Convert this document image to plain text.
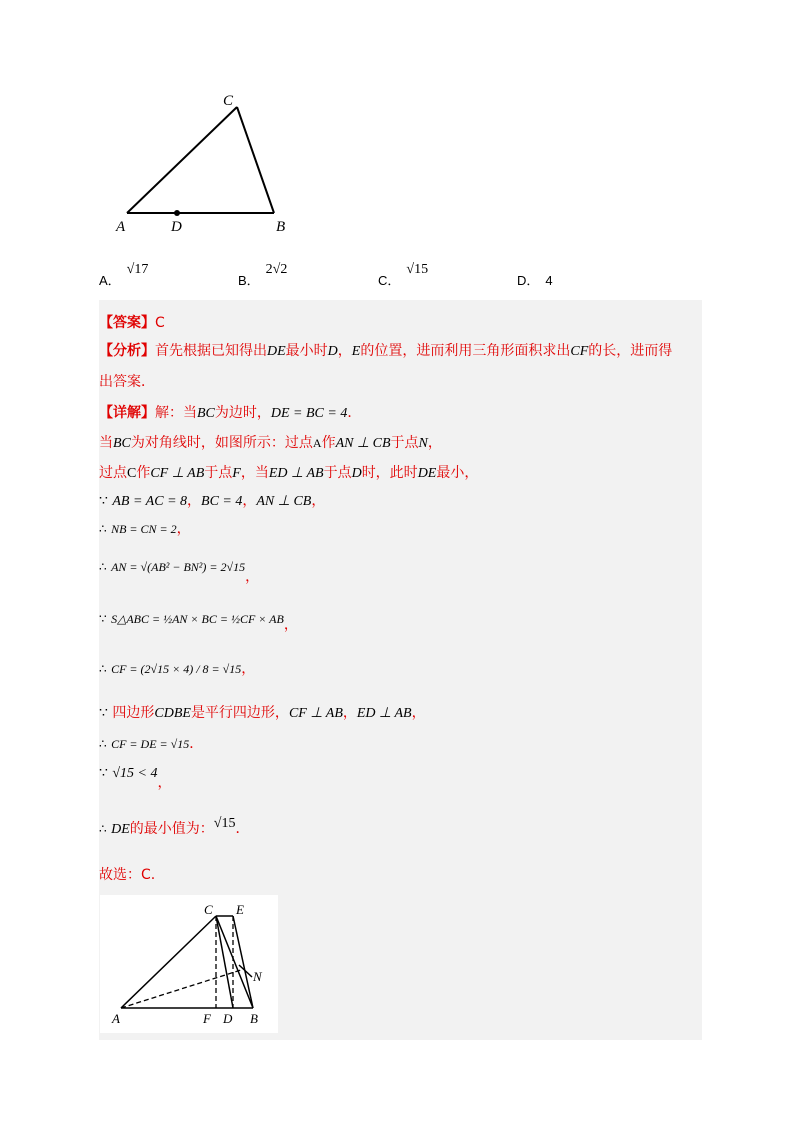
C
A	D	B
A．√17
B．2√2
C．√15
D． 4
【答案】C
【分析】首先根据已知得出DE最小时D，E的位置，进而利用三角形面积求出CF的长，进而得
出答案．
【详解】解：当BC为边时，DE = BC = 4．
当BC为对角线时，如图所示：过点A作AN ⊥ CB于点N，
过点C作CF ⊥ AB于点F，当ED ⊥ AB于点D时，此时DE最小，
∵ AB = AC = 8，BC = 4，AN ⊥ CB，
∴ NB = CN = 2，
∴ AN = √(AB² − BN²) = 2√15，
∵ S△ABC = ½AN × BC = ½CF × AB，
∴ CF = (2√15 × 4) / 8 = √15，
∵ 四边形CDBE是平行四边形，CF ⊥ AB，ED ⊥ AB，
∴ CF = DE = √15．
∵ √15 < 4，
∴ DE的最小值为：√15．
故选：C.
C E
N
A	F D B
